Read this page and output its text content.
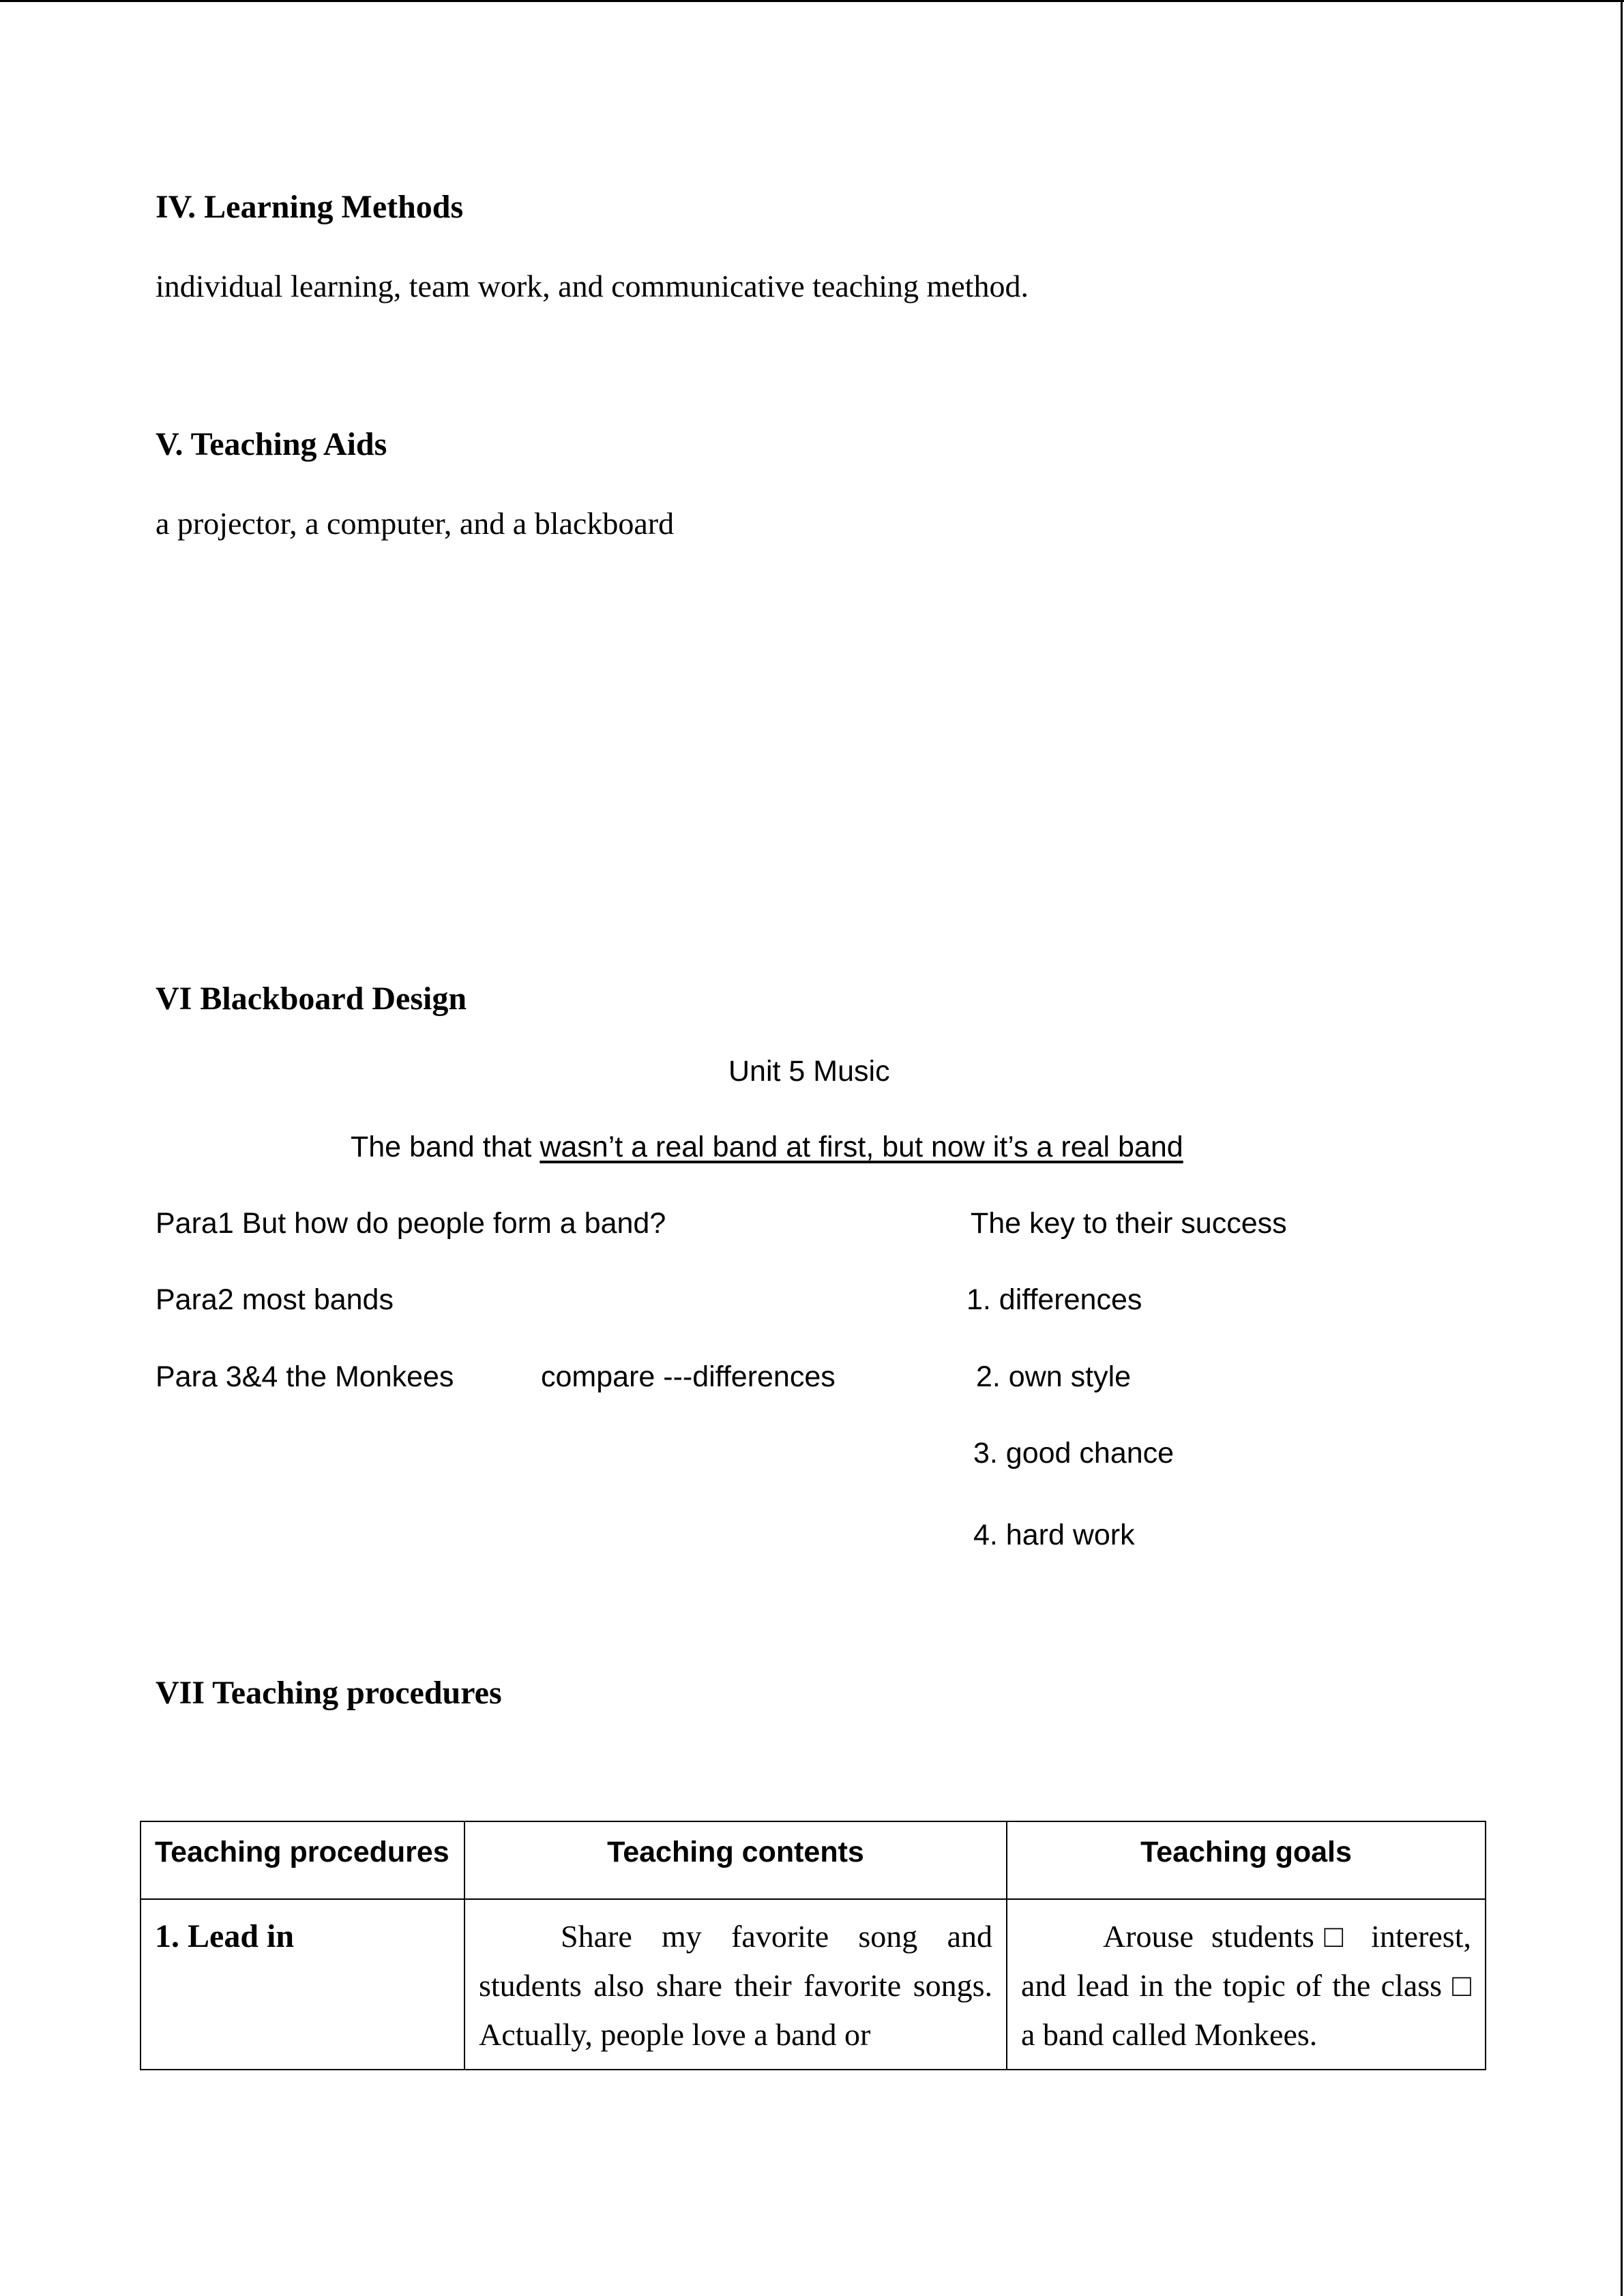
IV. Learning Methods
individual learning, team work, and communicative teaching method.
V. Teaching Aids
a projector, a computer, and a blackboard
VI Blackboard Design
Unit 5 Music
The band that wasn’t a real band at first, but now it’s a real band
Para1 But how do people form a band?
Para2 most bands
Para 3&4 the Monkees	compare ---differences
The key to their success
1. differences
2. own style
3. good chance
4. hard work
VII Teaching procedures
Teaching procedures	Teaching contents	Teaching goals

1. Lead in	Share my favorite song and students also share their favorite songs. Actually, people love a band or	Arouse students□ interest, and lead in the topic of the class □ a band called Monkees.
